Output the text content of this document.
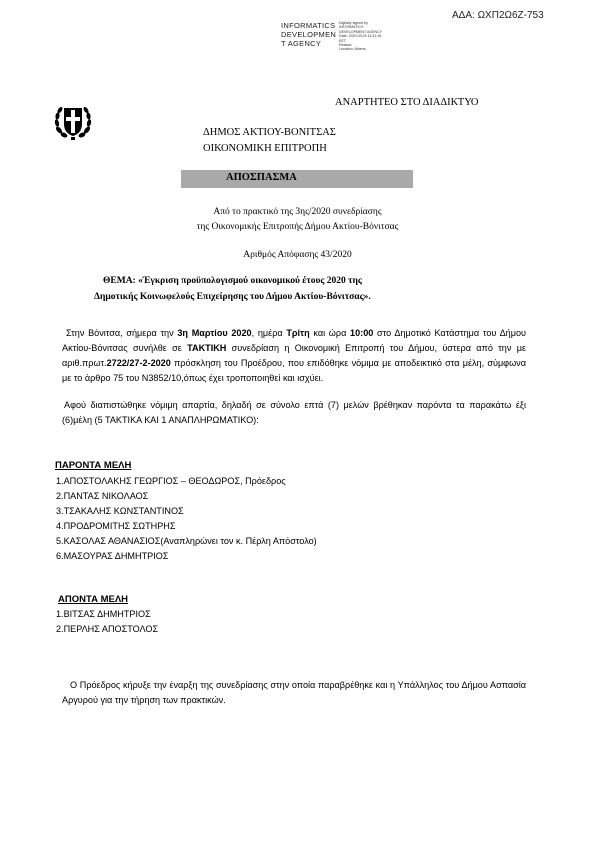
ΑΔΑ: ΩΧΠ2Ω6Ζ-753
INFORMATICS
DEVELOPMEN
T AGENCY
Digitally signed by
INFORMATICS
DEVELOPMENT AGENCY
Date: 2020.03.09 11:21:16
EET
Reason:
Location: Athens
ΑΝΑΡΤΗΤΕΟ ΣΤΟ ΔΙΑΔΙΚΤΥΟ
ΔΗΜΟΣ ΑΚΤΙΟΥ-ΒΟΝΙΤΣΑΣ
ΟΙΚΟΝΟΜΙΚΗ ΕΠΙΤΡΟΠΗ
ΑΠΟΣΠΑΣΜΑ
Από το πρακτικό της 3ης/2020 συνεδρίασης
της Οικονομικής Επιτροπής Δήμου Ακτίου-Βόνιτσας
Αριθμός Απόφασης 43/2020
ΘΕΜΑ: «Έγκριση προϋπολογισμού οικονομικού έτους 2020 της
Δημοτικής Κοινωφελούς Επιχείρησης του Δήμου Ακτίου-Βόνιτσας».
Στην Βόνιτσα, σήμερα την 3η Μαρτίου 2020, ημέρα Τρίτη και ώρα 10:00 στο Δημοτικό Κατάστημα του Δήμου Ακτίου-Βόνιτσας συνήλθε σε ΤΑΚΤΙΚΗ συνεδρίαση η Οικονομική Επιτροπή του Δήμου, ύστερα από την με αριθ.πρωτ.2722/27-2-2020 πρόσκληση του Προέδρου, που επιδόθηκε νόμιμα με αποδεικτικό στα μέλη, σύμφωνα με το άρθρο 75 του Ν3852/10,όπως έχει τροποποιηθεί και ισχύει.
Αφού διαπιστώθηκε νόμιμη απαρτία, δηλαδή σε σύνολο επτά (7) μελών βρέθηκαν παρόντα τα παρακάτω έξι (6)μέλη (5 ΤΑΚΤΙΚΑ ΚΑΙ 1 ΑΝΑΠΛΗΡΩΜΑΤΙΚΟ):
ΠΑΡΟΝΤΑ ΜΕΛΗ
1.ΑΠΟΣΤΟΛΑΚΗΣ ΓΕΩΡΓΙΟΣ – ΘΕΟΔΩΡΟΣ, Πρόεδρος
2.ΠΑΝΤΑΣ ΝΙΚΟΛΑΟΣ
3.ΤΣΑΚΑΛΗΣ ΚΩΝΣΤΑΝΤΙΝΟΣ
4.ΠΡΟΔΡΟΜΙΤΗΣ ΣΩΤΗΡΗΣ
5.ΚΑΣΟΛΑΣ ΑΘΑΝΑΣΙΟΣ(Αναπληρώνει τον κ. Πέρλη Απόστολο)
6.ΜΑΣΟΥΡΑΣ ΔΗΜΗΤΡΙΟΣ
ΑΠΟΝΤΑ ΜΕΛΗ
1.ΒΙΤΣΑΣ ΔΗΜΗΤΡΙΟΣ
2.ΠΕΡΛΗΣ ΑΠΟΣΤΟΛΟΣ
Ο Πρόεδρος κήρυξε την έναρξη της συνεδρίασης στην οποία παραβρέθηκε και η Υπάλληλος του Δήμου Ασπασία Αργυρού για την τήρηση των πρακτικών.
